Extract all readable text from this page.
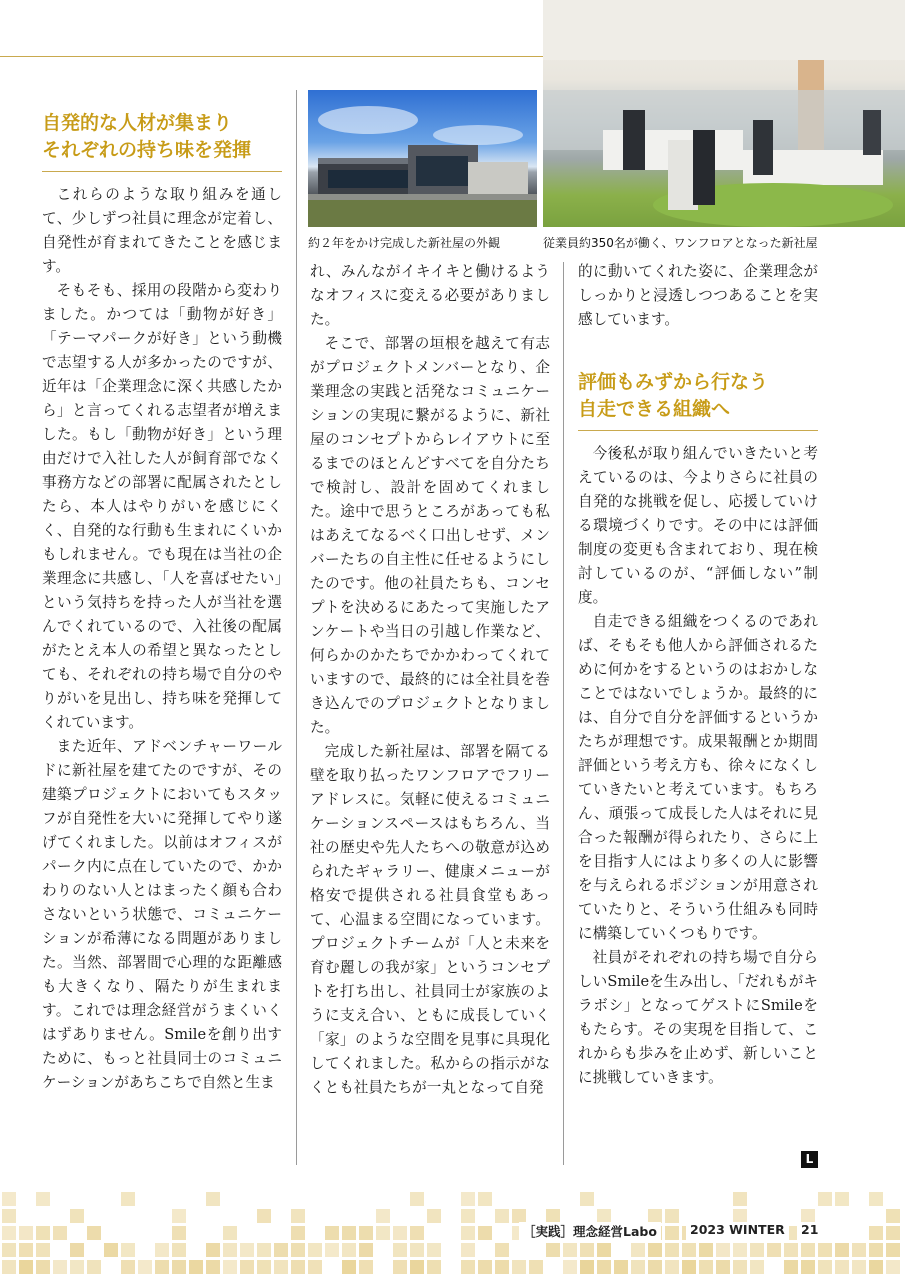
約２年をかけ完成した新社屋の外観	従業員約350名が働く、ワンフロアとなった新社屋
自発的な人材が集まり
それぞれの持ち味を発揮

これらのような取り組みを通して、少しずつ社員に理念が定着し、自発性が育まれてきたことを感じます。

そもそも、採用の段階から変わりました。かつては「動物が好き」「テーマパークが好き」という動機で志望する人が多かったのですが、近年は「企業理念に深く共感したから」と言ってくれる志望者が増えました。もし「動物が好き」という理由だけで入社した人が飼育部でなく事務方などの部署に配属されたとしたら、本人はやりがいを感じにくく、自発的な行動も生まれにくいかもしれません。でも現在は当社の企業理念に共感し、「人を喜ばせたい」という気持ちを持った人が当社を選んでくれているので、入社後の配属がたとえ本人の希望と異なったとしても、それぞれの持ち場で自分のやりがいを見出し、持ち味を発揮してくれています。

また近年、アドベンチャーワールドに新社屋を建てたのですが、その建築プロジェクトにおいてもスタッフが自発性を大いに発揮してやり遂げてくれました。以前はオフィスがパーク内に点在していたので、かかわりのない人とはまったく顔も合わさないという状態で、コミュニケーションが希薄になる問題がありました。当然、部署間で心理的な距離感も大きくなり、隔たりが生まれます。これでは理念経営がうまくいくはずありません。Smileを創り出すために、もっと社員同士のコミュニケーションがあちこちで自然と生ま

れ、みんながイキイキと働けるようなオフィスに変える必要がありました。

そこで、部署の垣根を越えて有志がプロジェクトメンバーとなり、企業理念の実践と活発なコミュニケーションの実現に繋がるように、新社屋のコンセプトからレイアウトに至るまでのほとんどすべてを自分たちで検討し、設計を固めてくれました。途中で思うところがあっても私はあえてなるべく口出しせず、メンバーたちの自主性に任せるようにしたのです。他の社員たちも、コンセプトを決めるにあたって実施したアンケートや当日の引越し作業など、何らかのかたちでかかわってくれていますので、最終的には全社員を巻き込んでのプロジェクトとなりました。

完成した新社屋は、部署を隔てる壁を取り払ったワンフロアでフリーアドレスに。気軽に使えるコミュニケーションスペースはもちろん、当社の歴史や先人たちへの敬意が込められたギャラリー、健康メニューが格安で提供される社員食堂もあって、心温まる空間になっています。プロジェクトチームが「人と未来を育む麗しの我が家」というコンセプトを打ち出し、社員同士が家族のように支え合い、ともに成長していく「家」のような空間を見事に具現化してくれました。私からの指示がなくとも社員たちが一丸となって自発

的に動いてくれた姿に、企業理念がしっかりと浸透しつつあることを実感しています。

評価もみずから行なう
自走できる組織へ

今後私が取り組んでいきたいと考えているのは、今よりさらに社員の自発的な挑戦を促し、応援していける環境づくりです。その中には評価制度の変更も含まれており、現在検討しているのが、“評価しない”制度。

自走できる組織をつくるのであれば、そもそも他人から評価されるために何かをするというのはおかしなことではないでしょうか。最終的には、自分で自分を評価するというかたちが理想です。成果報酬とか期間評価という考え方も、徐々になくしていきたいと考えています。もちろん、頑張って成長した人はそれに見合った報酬が得られたり、さらに上を目指す人にはより多くの人に影響を与えられるポジションが用意されていたりと、そういう仕組みも同時に構築していくつもりです。

社員がそれぞれの持ち場で自分らしいSmileを生み出し、「だれもがキラボシ」となってゲストにSmileをもたらす。その実現を目指して、これからも歩みを止めず、新しいことに挑戦していきます。

L
［実践］理念経営Labo	2023 WINTER	21
